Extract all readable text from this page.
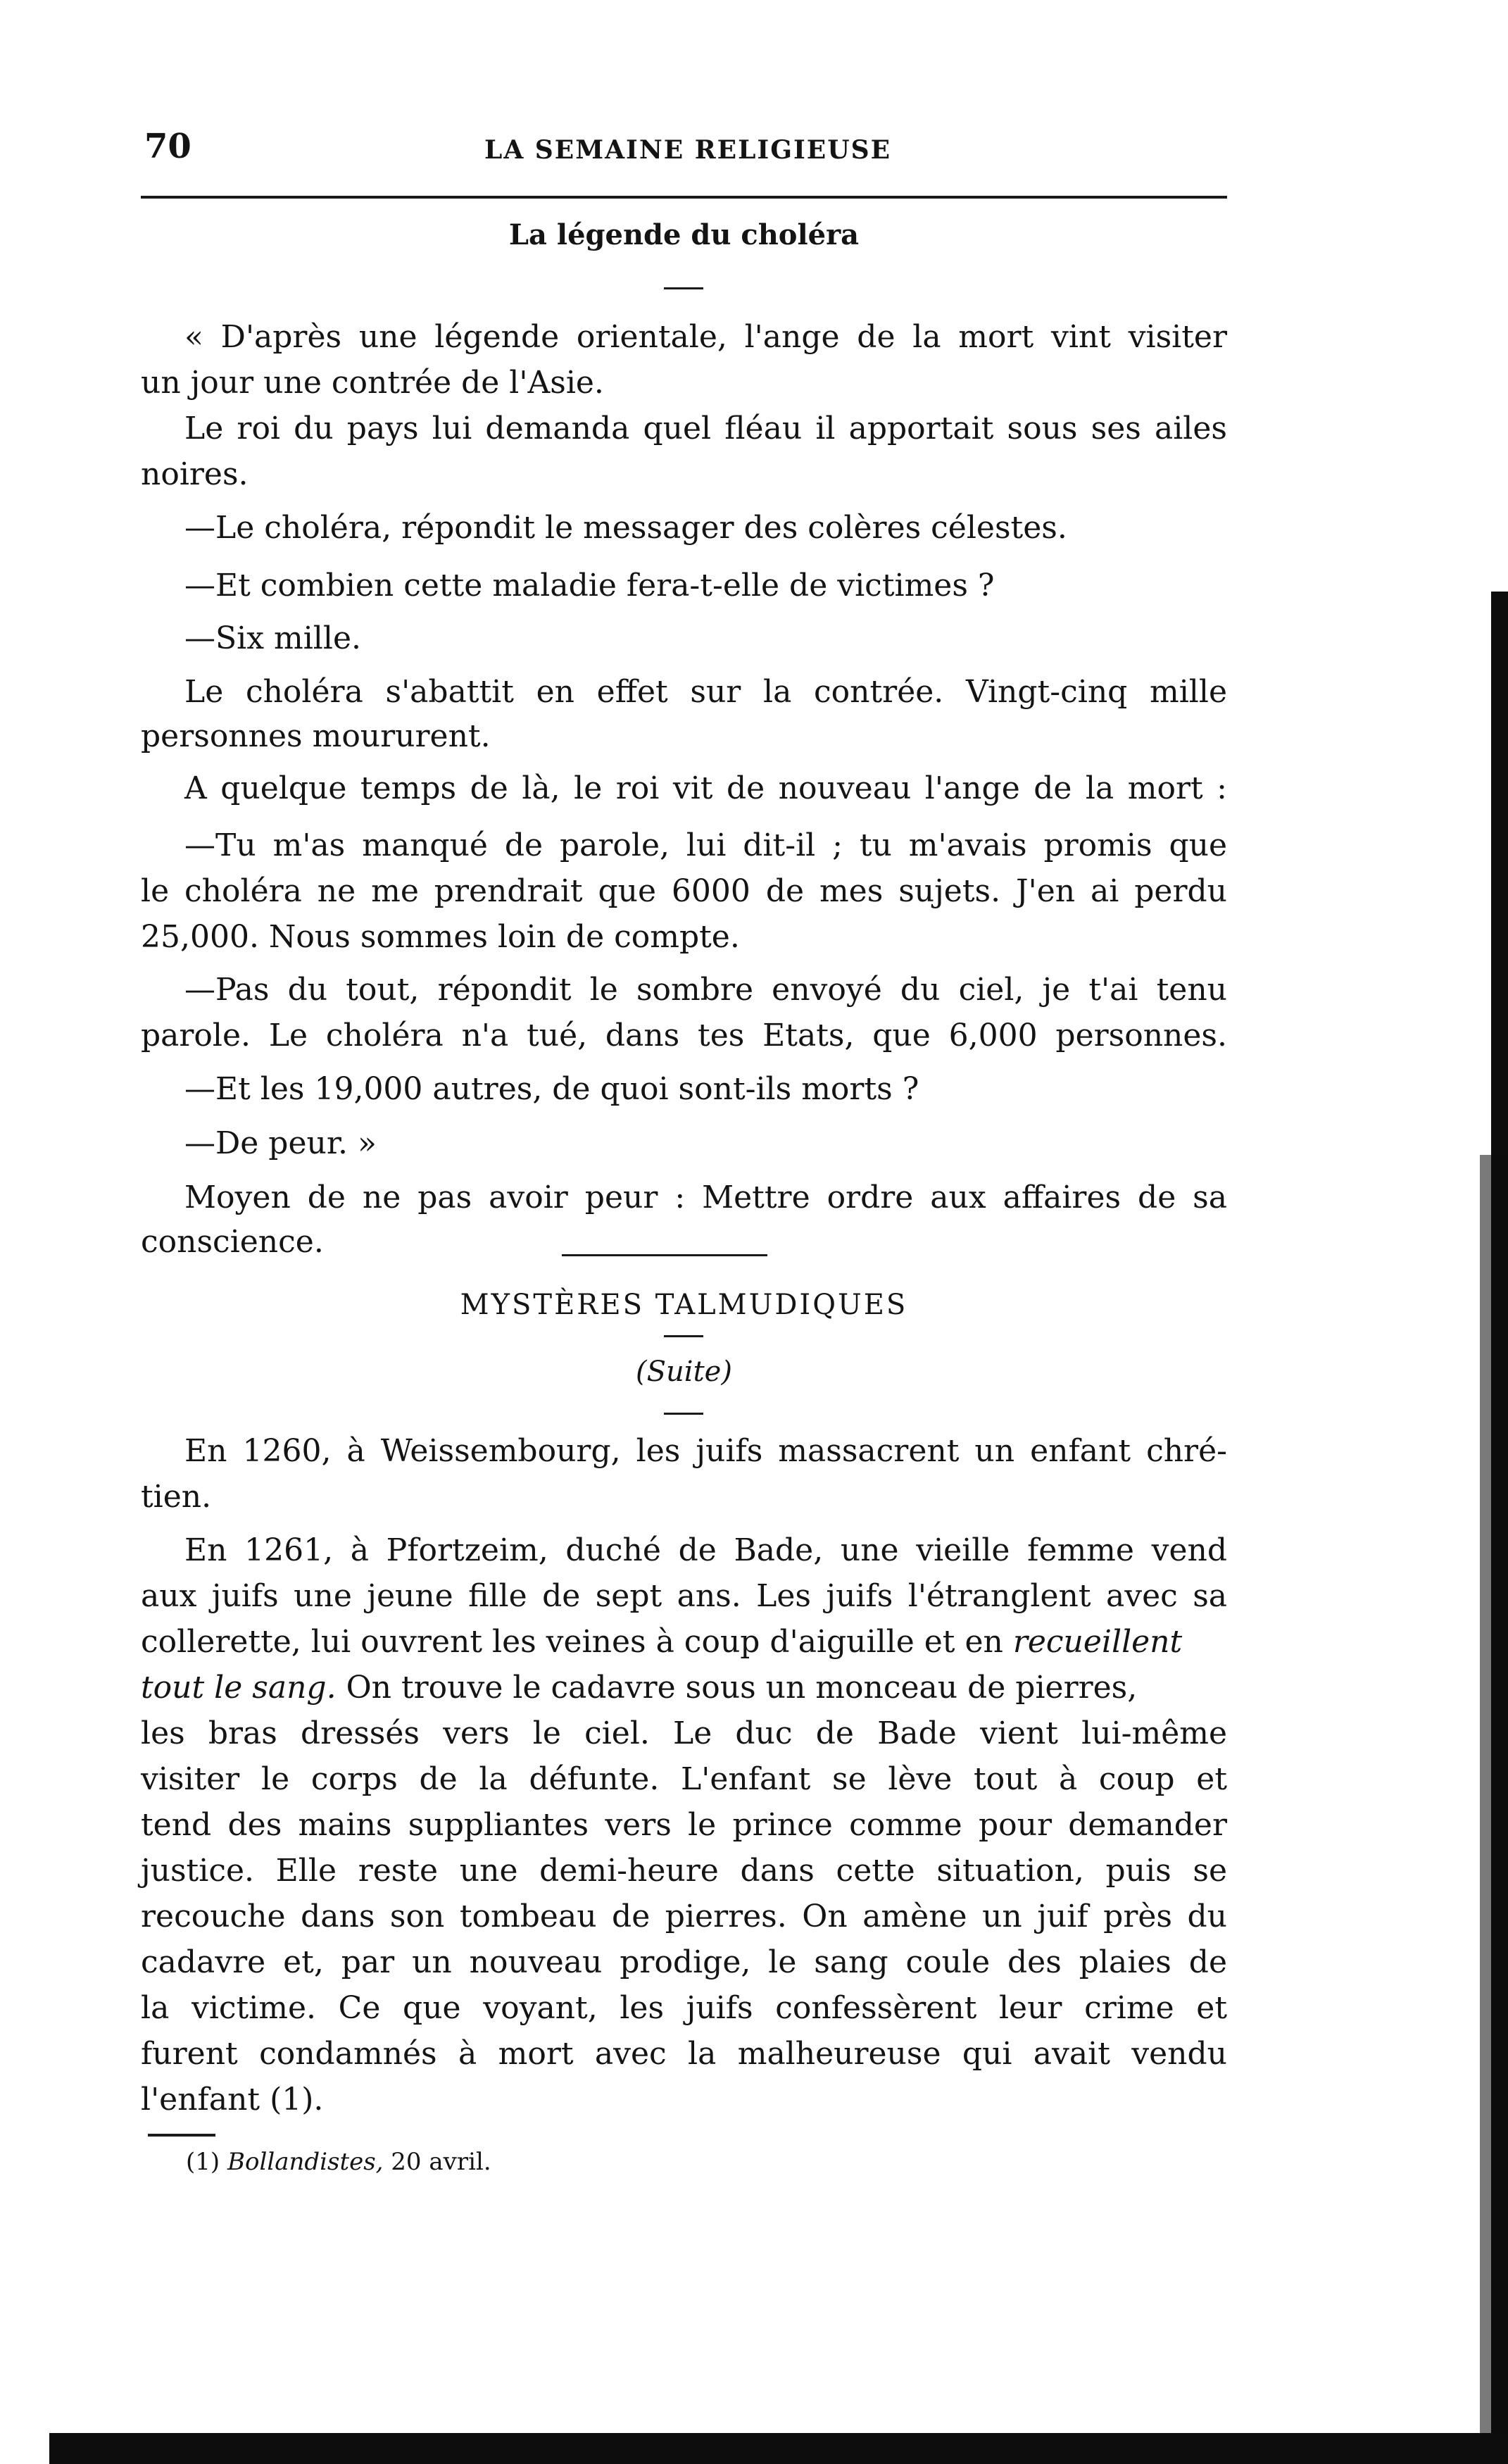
70	LA SEMAINE RELIGIEUSE
La légende du choléra
« D'après une légende orientale, l'ange de la mort vint visiter
un jour une contrée de l'Asie.
Le roi du pays lui demanda quel fléau il apportait sous ses ailes
noires.
—Le choléra, répondit le messager des colères célestes.
—Et combien cette maladie fera-t-elle de victimes ?
—Six mille.
Le choléra s'abattit en effet sur la contrée. Vingt-cinq mille
personnes moururent.
A quelque temps de là, le roi vit de nouveau l'ange de la mort :
—Tu m'as manqué de parole, lui dit-il ; tu m'avais promis que
le choléra ne me prendrait que 6000 de mes sujets. J'en ai perdu
25,000. Nous sommes loin de compte.
—Pas du tout, répondit le sombre envoyé du ciel, je t'ai tenu
parole. Le choléra n'a tué, dans tes Etats, que 6,000 personnes.
—Et les 19,000 autres, de quoi sont-ils morts ?
—De peur. »
Moyen de ne pas avoir peur : Mettre ordre aux affaires de sa
conscience.
MYSTÈRES TALMUDIQUES
(Suite)
En 1260, à Weissembourg, les juifs massacrent un enfant chré-
tien.
En 1261, à Pfortzeim, duché de Bade, une vieille femme vend
aux juifs une jeune fille de sept ans. Les juifs l'étranglent avec sa
collerette, lui ouvrent les veines à coup d'aiguille et en recueillent
tout le sang. On trouve le cadavre sous un monceau de pierres,
les bras dressés vers le ciel. Le duc de Bade vient lui-même
visiter le corps de la défunte. L'enfant se lève tout à coup et
tend des mains suppliantes vers le prince comme pour demander
justice. Elle reste une demi-heure dans cette situation, puis se
recouche dans son tombeau de pierres. On amène un juif près du
cadavre et, par un nouveau prodige, le sang coule des plaies de
la victime. Ce que voyant, les juifs confessèrent leur crime et
furent condamnés à mort avec la malheureuse qui avait vendu
l'enfant (1).
(1) Bollandistes, 20 avril.
